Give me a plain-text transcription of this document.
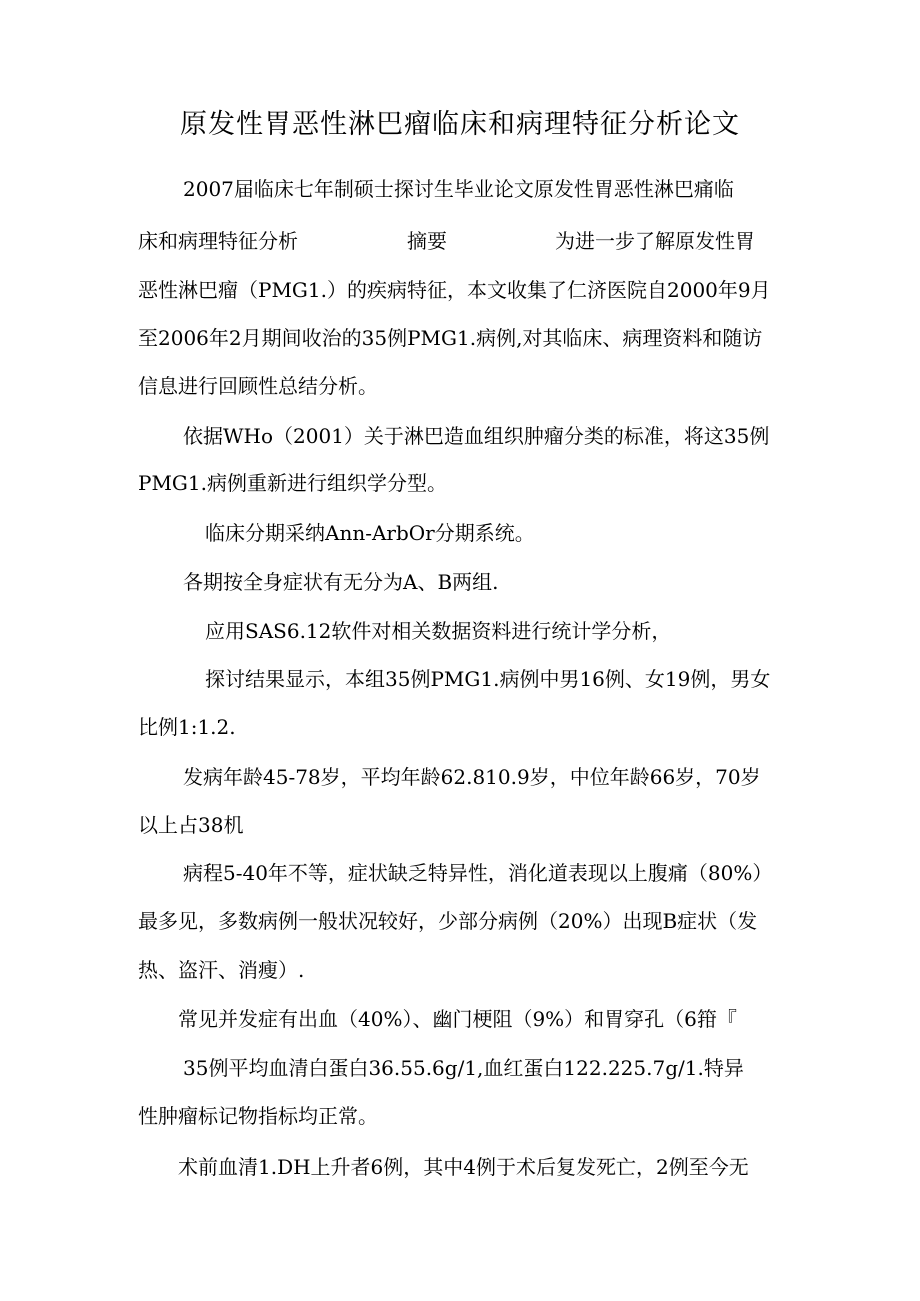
原发性胃恶性淋巴瘤临床和病理特征分析论文
2007届临床七年制硕士探讨生毕业论文原发性胃恶性淋巴痛临
床和病理特征分析	摘要	为进一步了解原发性胃
恶性淋巴瘤（PMG1.）的疾病特征，本文收集了仁济医院自2000年9月
至2006年2月期间收治的35例PMG1.病例,对其临床、病理资料和随访
信息进行回顾性总结分析。
依据WHo（2001）关于淋巴造血组织肿瘤分类的标准，将这35例
PMG1.病例重新进行组织学分型。
临床分期采纳Ann-ArbOr分期系统。
各期按全身症状有无分为A、B两组.
应用SAS6.12软件对相关数据资料进行统计学分析，
探讨结果显示，本组35例PMG1.病例中男16例、女19例，男女
比例1:1.2.
发病年龄45-78岁，平均年龄62.810.9岁，中位年龄66岁，70岁
以上占38机
病程5-40年不等，症状缺乏特异性，消化道表现以上腹痛（80%）
最多见，多数病例一般状况较好，少部分病例（20%）出现B症状（发
热、盗汗、消瘦）.
常见并发症有出血（40%）、幽门梗阻（9%）和胃穿孔（6箝『
35例平均血清白蛋白36.55.6g/1,血红蛋白122.225.7g/1.特异
性肿瘤标记物指标均正常。
术前血清1.DH上升者6例，其中4例于术后复发死亡，2例至今无
